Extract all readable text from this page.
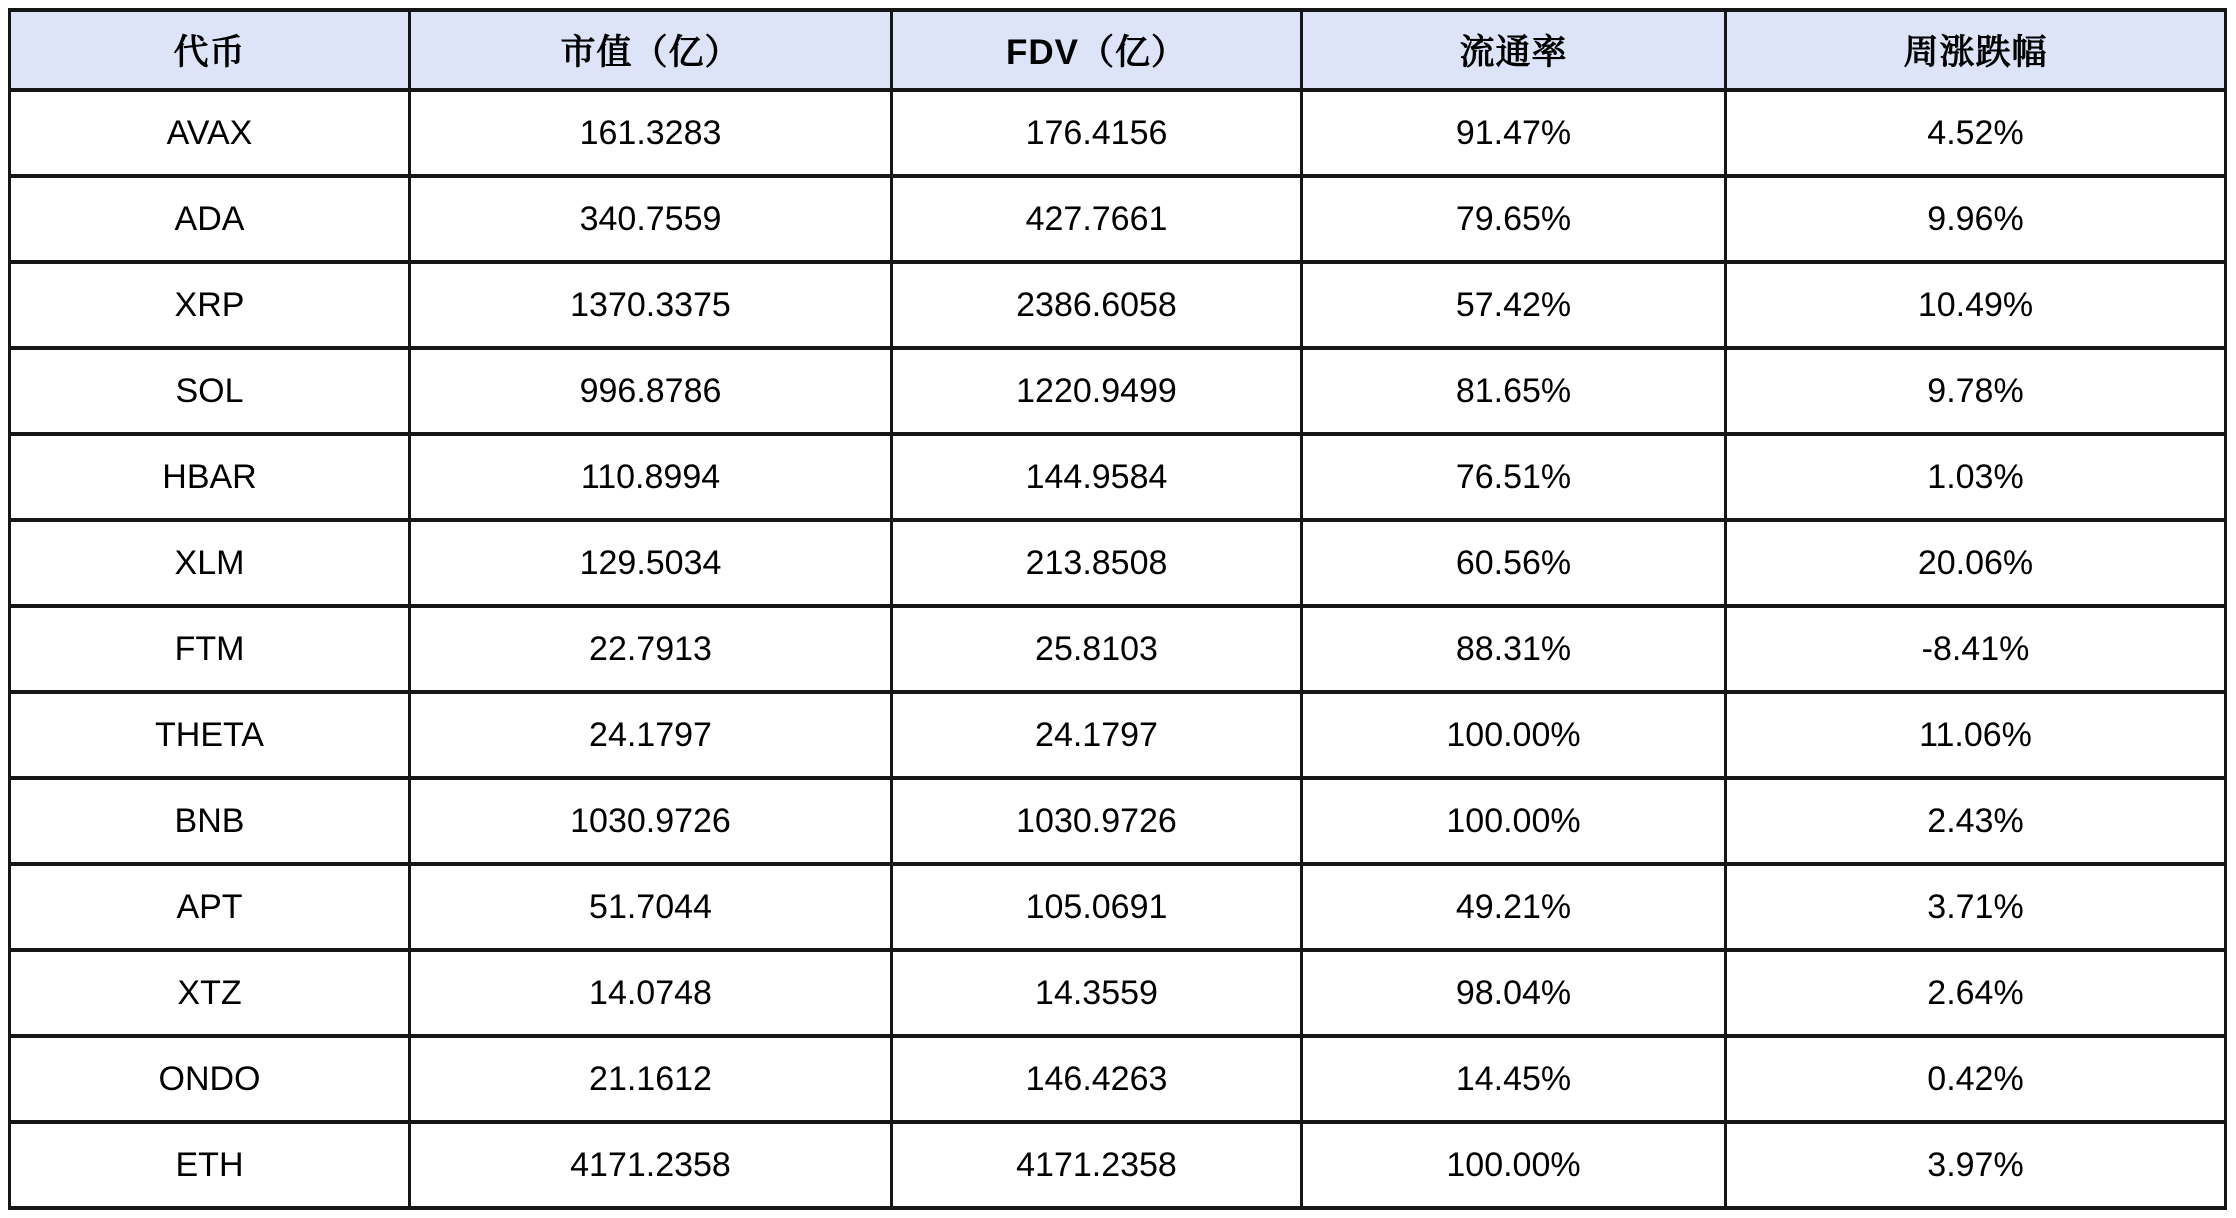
代币	市值（亿）	FDV（亿）	流通率	周涨跌幅
AVAX	161.3283	176.4156	91.47%	4.52%
ADA	340.7559	427.7661	79.65%	9.96%
XRP	1370.3375	2386.6058	57.42%	10.49%
SOL	996.8786	1220.9499	81.65%	9.78%
HBAR	110.8994	144.9584	76.51%	1.03%
XLM	129.5034	213.8508	60.56%	20.06%
FTM	22.7913	25.8103	88.31%	-8.41%
THETA	24.1797	24.1797	100.00%	11.06%
BNB	1030.9726	1030.9726	100.00%	2.43%
APT	51.7044	105.0691	49.21%	3.71%
XTZ	14.0748	14.3559	98.04%	2.64%
ONDO	21.1612	146.4263	14.45%	0.42%
ETH	4171.2358	4171.2358	100.00%	3.97%
